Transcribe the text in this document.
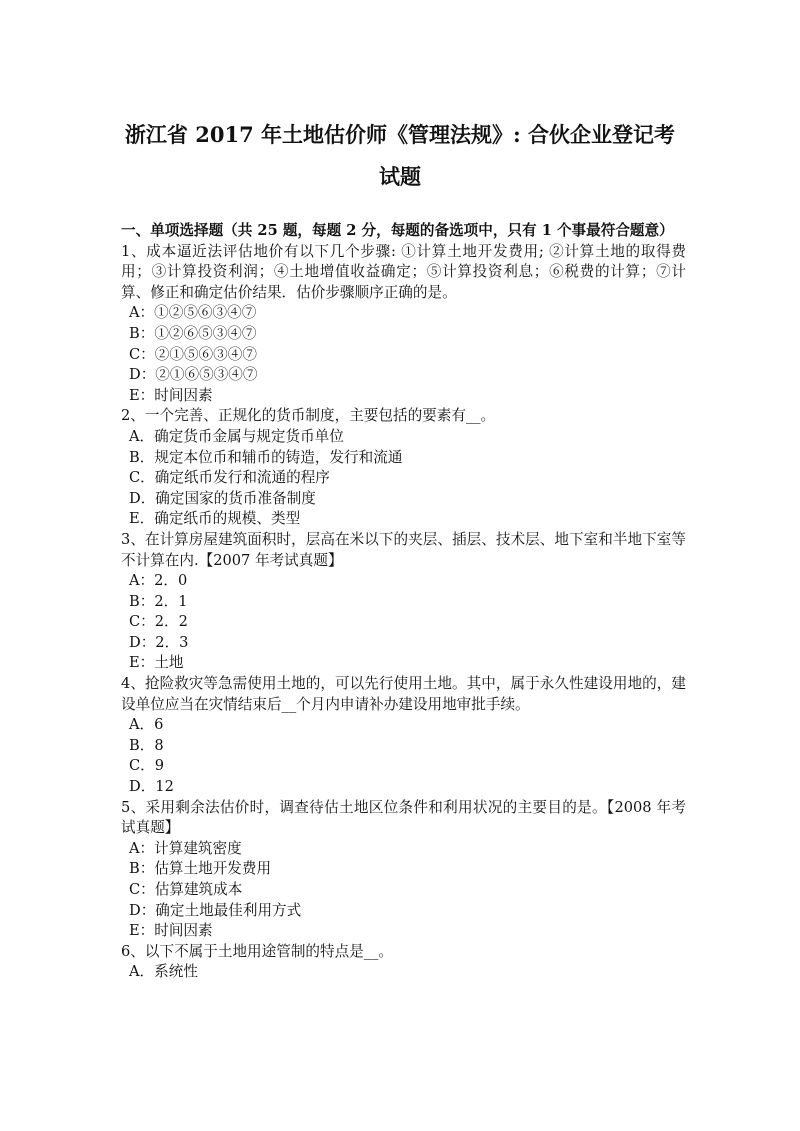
浙江省 2017 年土地估价师《管理法规》: 合伙企业登记考
试题
一、单项选择题（共 25 题，每题 2 分，每题的备选项中，只有 1 个事最符合题意）
1、成本逼近法评估地价有以下几个步骤: ①计算土地开发费用; ②计算土地的取得费用；③计算投资利润；④土地增值收益确定；⑤计算投资利息；⑥税费的计算；⑦计算、修正和确定估价结果．估价步骤顺序正确的是。
A：①②⑤⑥③④⑦
B：①②⑥⑤③④⑦
C：②①⑤⑥③④⑦
D：②①⑥⑤③④⑦
E：时间因素
2、一个完善、正规化的货币制度，主要包括的要素有__。
A．确定货币金属与规定货币单位
B．规定本位币和辅币的铸造，发行和流通
C．确定纸币发行和流通的程序
D．确定国家的货币准备制度
E．确定纸币的规模、类型
3、在计算房屋建筑面积时，层高在米以下的夹层、插层、技术层、地下室和半地下室等不计算在内.【2007 年考试真题】
A：2．0
B：2．1
C：2．2
D：2．3
E：土地
4、抢险救灾等急需使用土地的，可以先行使用土地。其中，属于永久性建设用地的，建设单位应当在灾情结束后__个月内申请补办建设用地审批手续。
A．6
B．8
C．9
D．12
5、采用剩余法估价时，调查待估土地区位条件和利用状况的主要目的是。【2008 年考试真题】
A：计算建筑密度
B：估算土地开发费用
C：估算建筑成本
D：确定土地最佳利用方式
E：时间因素
6、以下不属于土地用途管制的特点是__。
A．系统性
